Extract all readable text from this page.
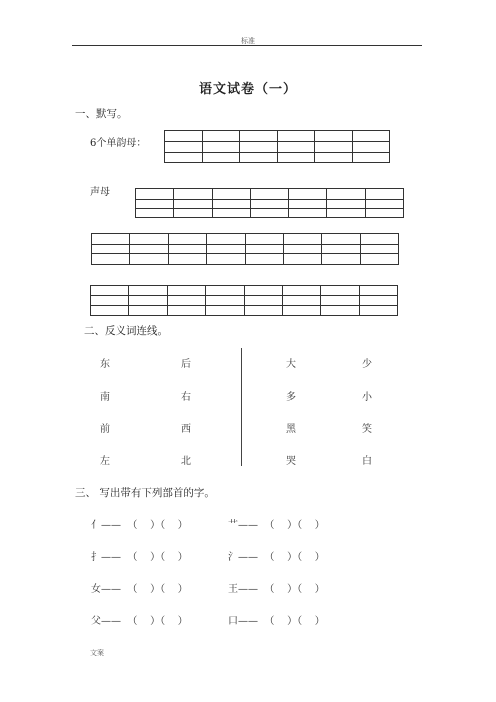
标准
语文试卷（一）
一、默写。
6个单韵母：

声母

二、反义词连线。
东	后
南	右
前	西
左	北
大	少
多	小
黑	笑
哭	白
三、 写出带有下列部首的字。
亻——  （    ）（    ）	艹——  （    ）（    ）
扌——  （    ）（    ）	氵——  （    ）（    ）
女——  （    ）（    ）	王——  （    ）（    ）
父——  （    ）（    ）	口——  （    ）（    ）
文案
